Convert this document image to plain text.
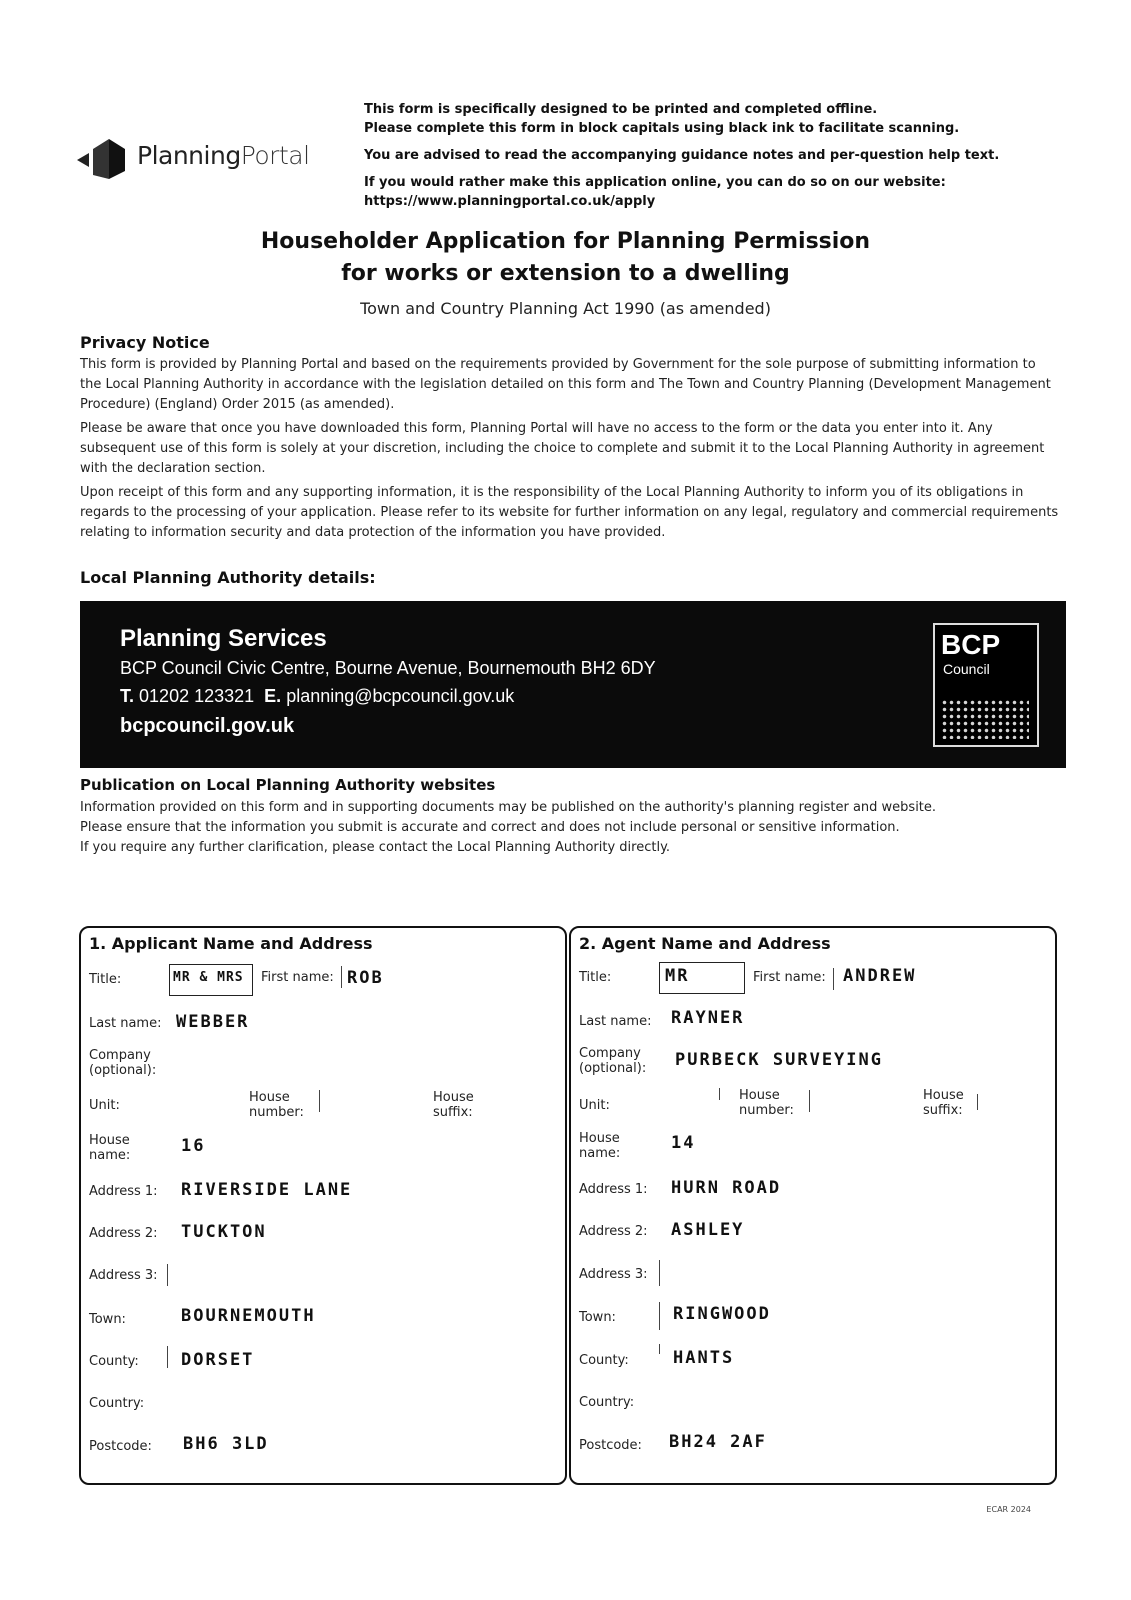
PlanningPortal

This form is specifically designed to be printed and completed offline.

Please complete this form in block capitals using black ink to facilitate scanning.

You are advised to read the accompanying guidance notes and per-question help text.

If you would rather make this application online, you can do so on our website:

https://www.planningportal.co.uk/apply

Householder Application for Planning Permission
for works or extension to a dwelling
Town and Country Planning Act 1990 (as amended)
Privacy Notice

This form is provided by Planning Portal and based on the requirements provided by Government for the sole purpose of submitting information to the Local Planning Authority in accordance with the legislation detailed on this form and The Town and Country Planning (Development Management Procedure) (England) Order 2015 (as amended).

Please be aware that once you have downloaded this form, Planning Portal will have no access to the form or the data you enter into it. Any subsequent use of this form is solely at your discretion, including the choice to complete and submit it to the Local Planning Authority in agreement with the declaration section.

Upon receipt of this form and any supporting information, it is the responsibility of the Local Planning Authority to inform you of its obligations in regards to the processing of your application. Please refer to its website for further information on any legal, regulatory and commercial requirements relating to information security and data protection of the information you have provided.

Local Planning Authority details:
Planning Services
BCP Council Civic Centre, Bourne Avenue, Bournemouth BH2 6DY
T. 01202 123321 E. planning@bcpcouncil.gov.uk
bcpcouncil.gov.uk
BCP
Council
Publication on Local Planning Authority websites
Information provided on this form and in supporting documents may be published on the authority's planning register and website.
Please ensure that the information you submit is accurate and correct and does not include personal or sensitive information.
If you require any further clarification, please contact the Local Planning Authority directly.
1. Applicant Name and Address
Title:	MR & MRS First name: ROB
Last name: WEBBER
Company
(optional):
Unit:
House
number:
House
suffix:
House
name:	16
Address 1: RIVERSIDE LANE
Address 2: TUCKTON
Address 3:
Town:	BOURNEMOUTH
County: DORSET
Country:
Postcode: BH6 3LD
2. Agent Name and Address
Title:	MR	First name: ANDREW
Last name: RAYNER
Company
(optional): PURBECK SURVEYING
Unit:
House
number:
House
suffix:
House
name:
14
Address 1: HURN ROAD
Address 2: ASHLEY
Address 3:
Town:	RINGWOOD
County:	HANTS
Country:
Postcode: BH24 2AF
ECAR 2024
